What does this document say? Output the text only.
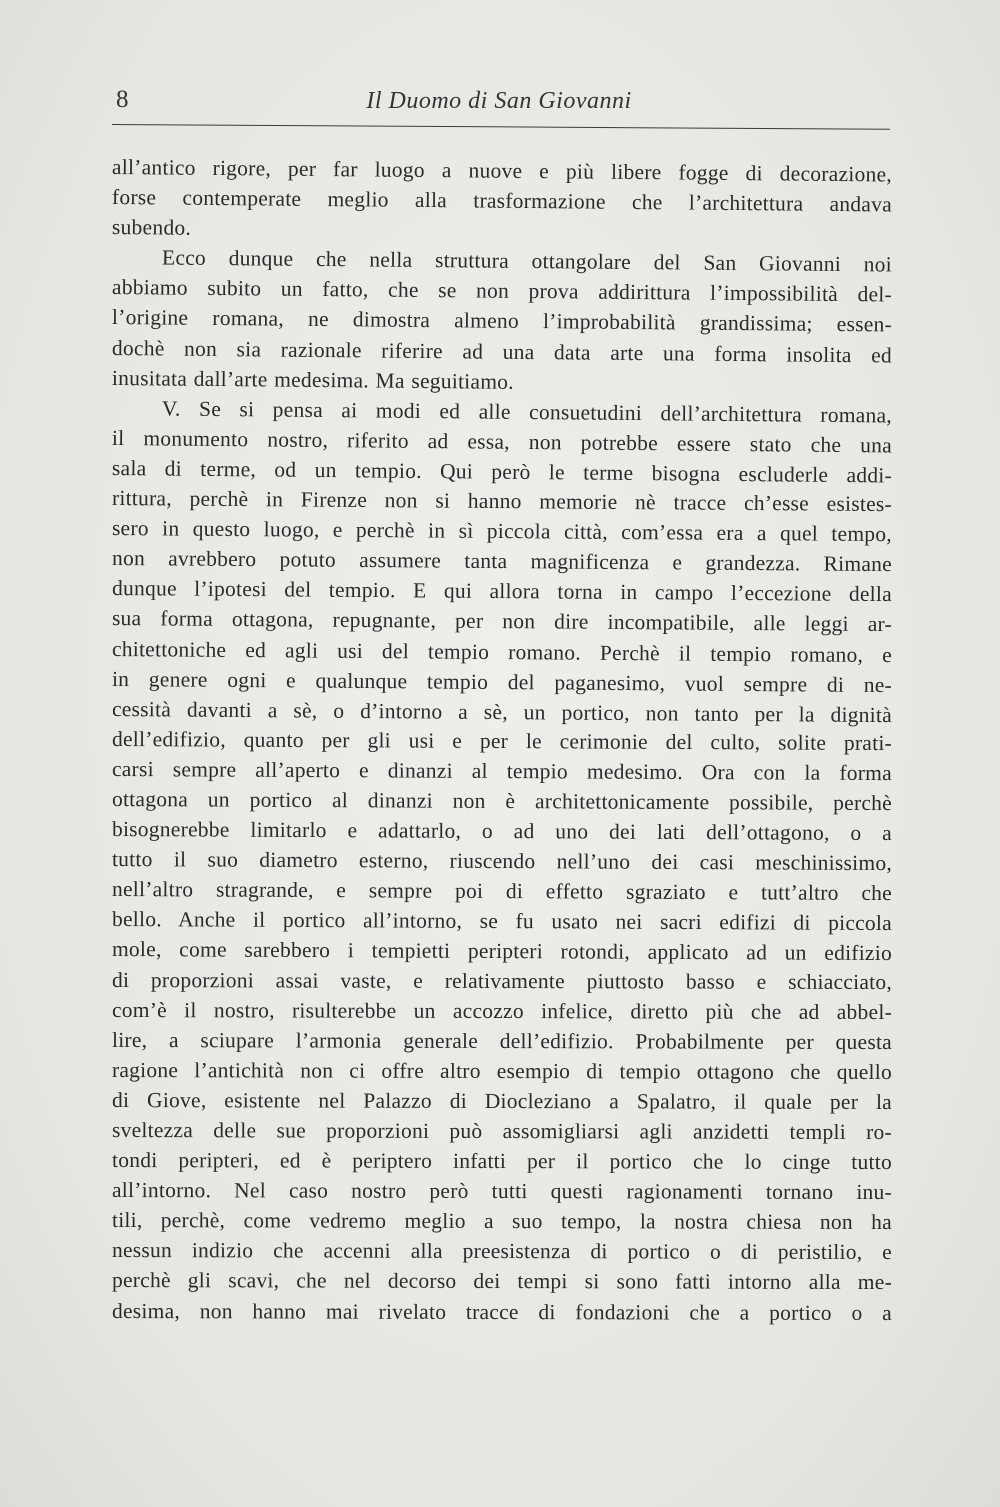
8	Il Duomo di San Giovanni
all’antico rigore, per far luogo a nuove e più libere fogge di decorazione,
forse contemperate meglio alla trasformazione che l’architettura andava
subendo.
Ecco dunque che nella struttura ottangolare del San Giovanni noi
abbiamo subito un fatto, che se non prova addirittura l’impossibilità del-
l’origine romana, ne dimostra almeno l’improbabilità grandissima; essen-
dochè non sia razionale riferire ad una data arte una forma insolita ed
inusitata dall’arte medesima. Ma seguitiamo.
V. Se si pensa ai modi ed alle consuetudini dell’architettura romana,
il monumento nostro, riferito ad essa, non potrebbe essere stato che una
sala di terme, od un tempio. Qui però le terme bisogna escluderle addi-
rittura, perchè in Firenze non si hanno memorie nè tracce ch’esse esistes-
sero in questo luogo, e perchè in sì piccola città, com’essa era a quel tempo,
non avrebbero potuto assumere tanta magnificenza e grandezza. Rimane
dunque l’ipotesi del tempio. E qui allora torna in campo l’eccezione della
sua forma ottagona, repugnante, per non dire incompatibile, alle leggi ar-
chitettoniche ed agli usi del tempio romano. Perchè il tempio romano, e
in genere ogni e qualunque tempio del paganesimo, vuol sempre di ne-
cessità davanti a sè, o d’intorno a sè, un portico, non tanto per la dignità
dell’edifizio, quanto per gli usi e per le cerimonie del culto, solite prati-
carsi sempre all’aperto e dinanzi al tempio medesimo. Ora con la forma
ottagona un portico al dinanzi non è architettonicamente possibile, perchè
bisognerebbe limitarlo e adattarlo, o ad uno dei lati dell’ottagono, o a
tutto il suo diametro esterno, riuscendo nell’uno dei casi meschinissimo,
nell’altro stragrande, e sempre poi di effetto sgraziato e tutt’altro che
bello. Anche il portico all’intorno, se fu usato nei sacri edifizi di piccola
mole, come sarebbero i tempietti peripteri rotondi, applicato ad un edifizio
di proporzioni assai vaste, e relativamente piuttosto basso e schiacciato,
com’è il nostro, risulterebbe un accozzo infelice, diretto più che ad abbel-
lire, a sciupare l’armonia generale dell’edifizio. Probabilmente per questa
ragione l’antichità non ci offre altro esempio di tempio ottagono che quello
di Giove, esistente nel Palazzo di Diocleziano a Spalatro, il quale per la
sveltezza delle sue proporzioni può assomigliarsi agli anzidetti templi ro-
tondi peripteri, ed è periptero infatti per il portico che lo cinge tutto
all’intorno. Nel caso nostro però tutti questi ragionamenti tornano inu-
tili, perchè, come vedremo meglio a suo tempo, la nostra chiesa non ha
nessun indizio che accenni alla preesistenza di portico o di peristilio, e
perchè gli scavi, che nel decorso dei tempi si sono fatti intorno alla me-
desima, non hanno mai rivelato tracce di fondazioni che a portico o a
